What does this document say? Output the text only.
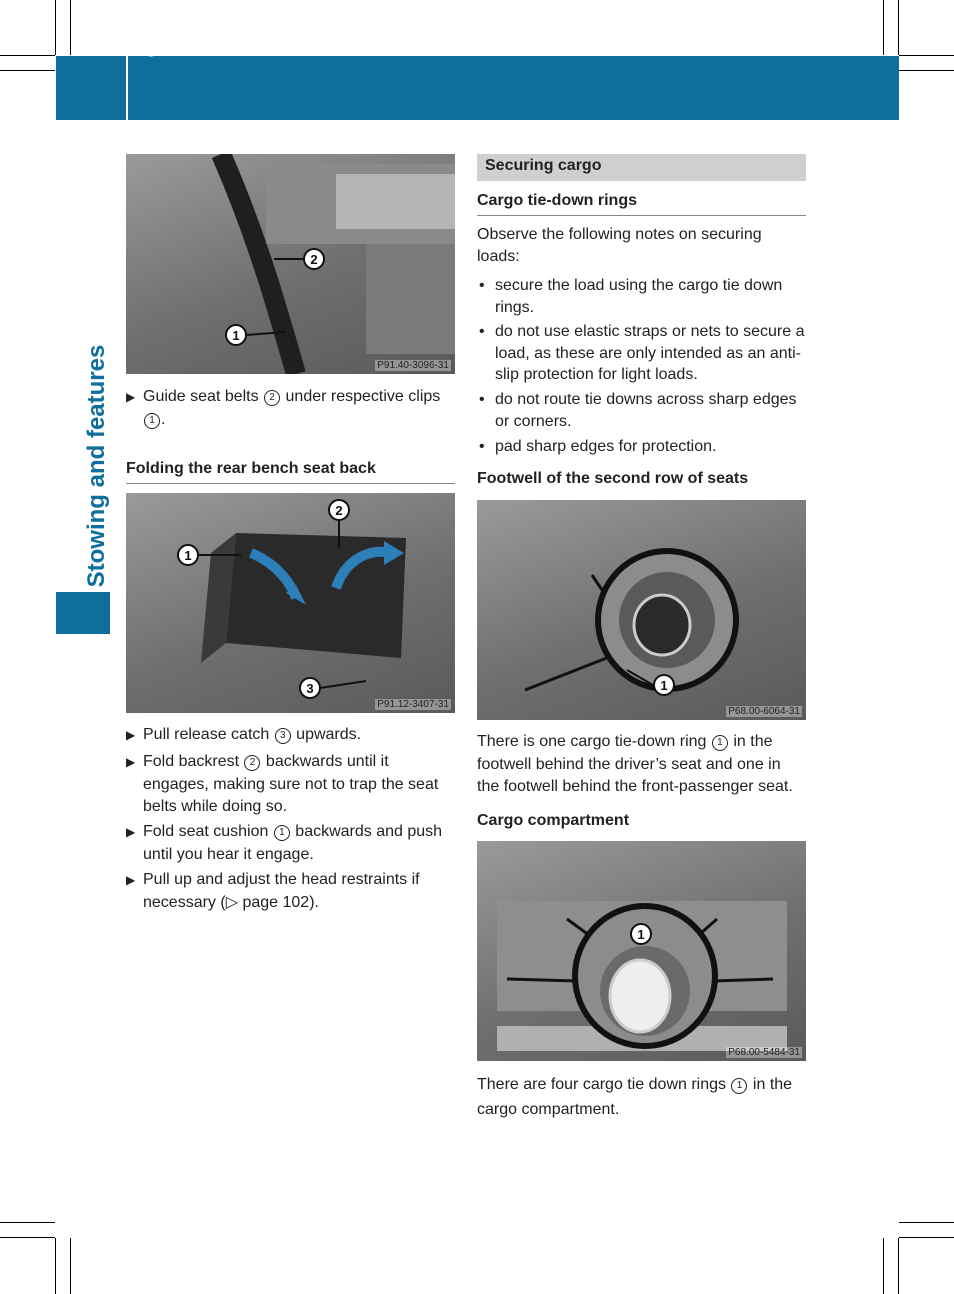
272 Stowage areas
Stowing and features
2
1
P91.40-3096-31
▶ Guide seat belts 2 under respective clips 1 .
Folding the rear bench seat back
1
2
3
P91.12-3407-31
▶ Pull release catch 3 upwards.
▶ Fold backrest 2 backwards until it engages, making sure not to trap the seat belts while doing so.
▶ Fold seat cushion 1 backwards and push until you hear it engage.
▶ Pull up and adjust the head restraints if necessary (▷ page 102).
Securing cargo
Cargo tie-down rings
Observe the following notes on securing loads:
• secure the load using the cargo tie down rings.
• do not use elastic straps or nets to secure a load, as these are only intended as an anti-slip protection for light loads.
• do not route tie downs across sharp edges or corners.
• pad sharp edges for protection.
Footwell of the second row of seats
1
P68.00-6064-31
There is one cargo tie-down ring 1 in the footwell behind the driver’s seat and one in the footwell behind the front-passenger seat.
Cargo compartment
1
P68.00-5484-31
There are four cargo tie down rings 1 in the cargo compartment.
